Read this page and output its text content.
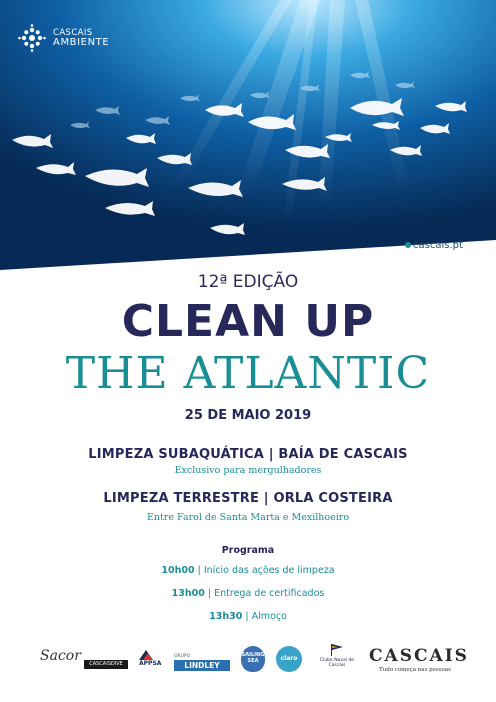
CASCAIS
AMBIENTE
cascais.pt
12ª EDIÇÃO
CLEAN UP
THE ATLANTIC
25 DE MAIO 2019
LIMPEZA SUBAQUÁTICA | BAÍA DE CASCAIS
Exclusivo para mergulhadores
LIMPEZA TERRESTRE | ORLA COSTEIRA
Entre Farol de Santa Marta e Mexilhoeiro
Programa
10h00 | Início das ações de limpeza
13h00 | Entrega de certificados
13h30 | Almoço
Sacor	CASCAISDIVE	APPSA
GRUPO
LINDLEY
SAILING SEA	claro	Clube Naval de Cascais	CASCAIS
Tudo começa nas pessoas
